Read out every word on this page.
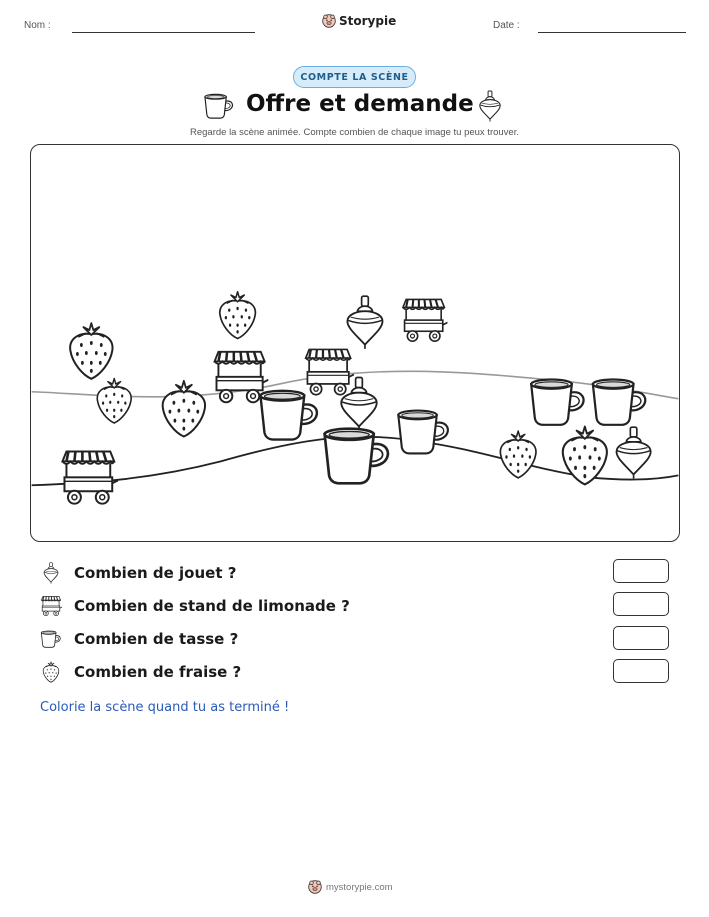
Nom :	Storypie	Date :
COMPTE LA SCÈNE
Offre et demande
Regarde la scène animée. Compte combien de chaque image tu peux trouver.
Combien de jouet ?
Combien de stand de limonade ?
Combien de tasse ?
Combien de fraise ?
Colorie la scène quand tu as terminé !
mystorypie.com
